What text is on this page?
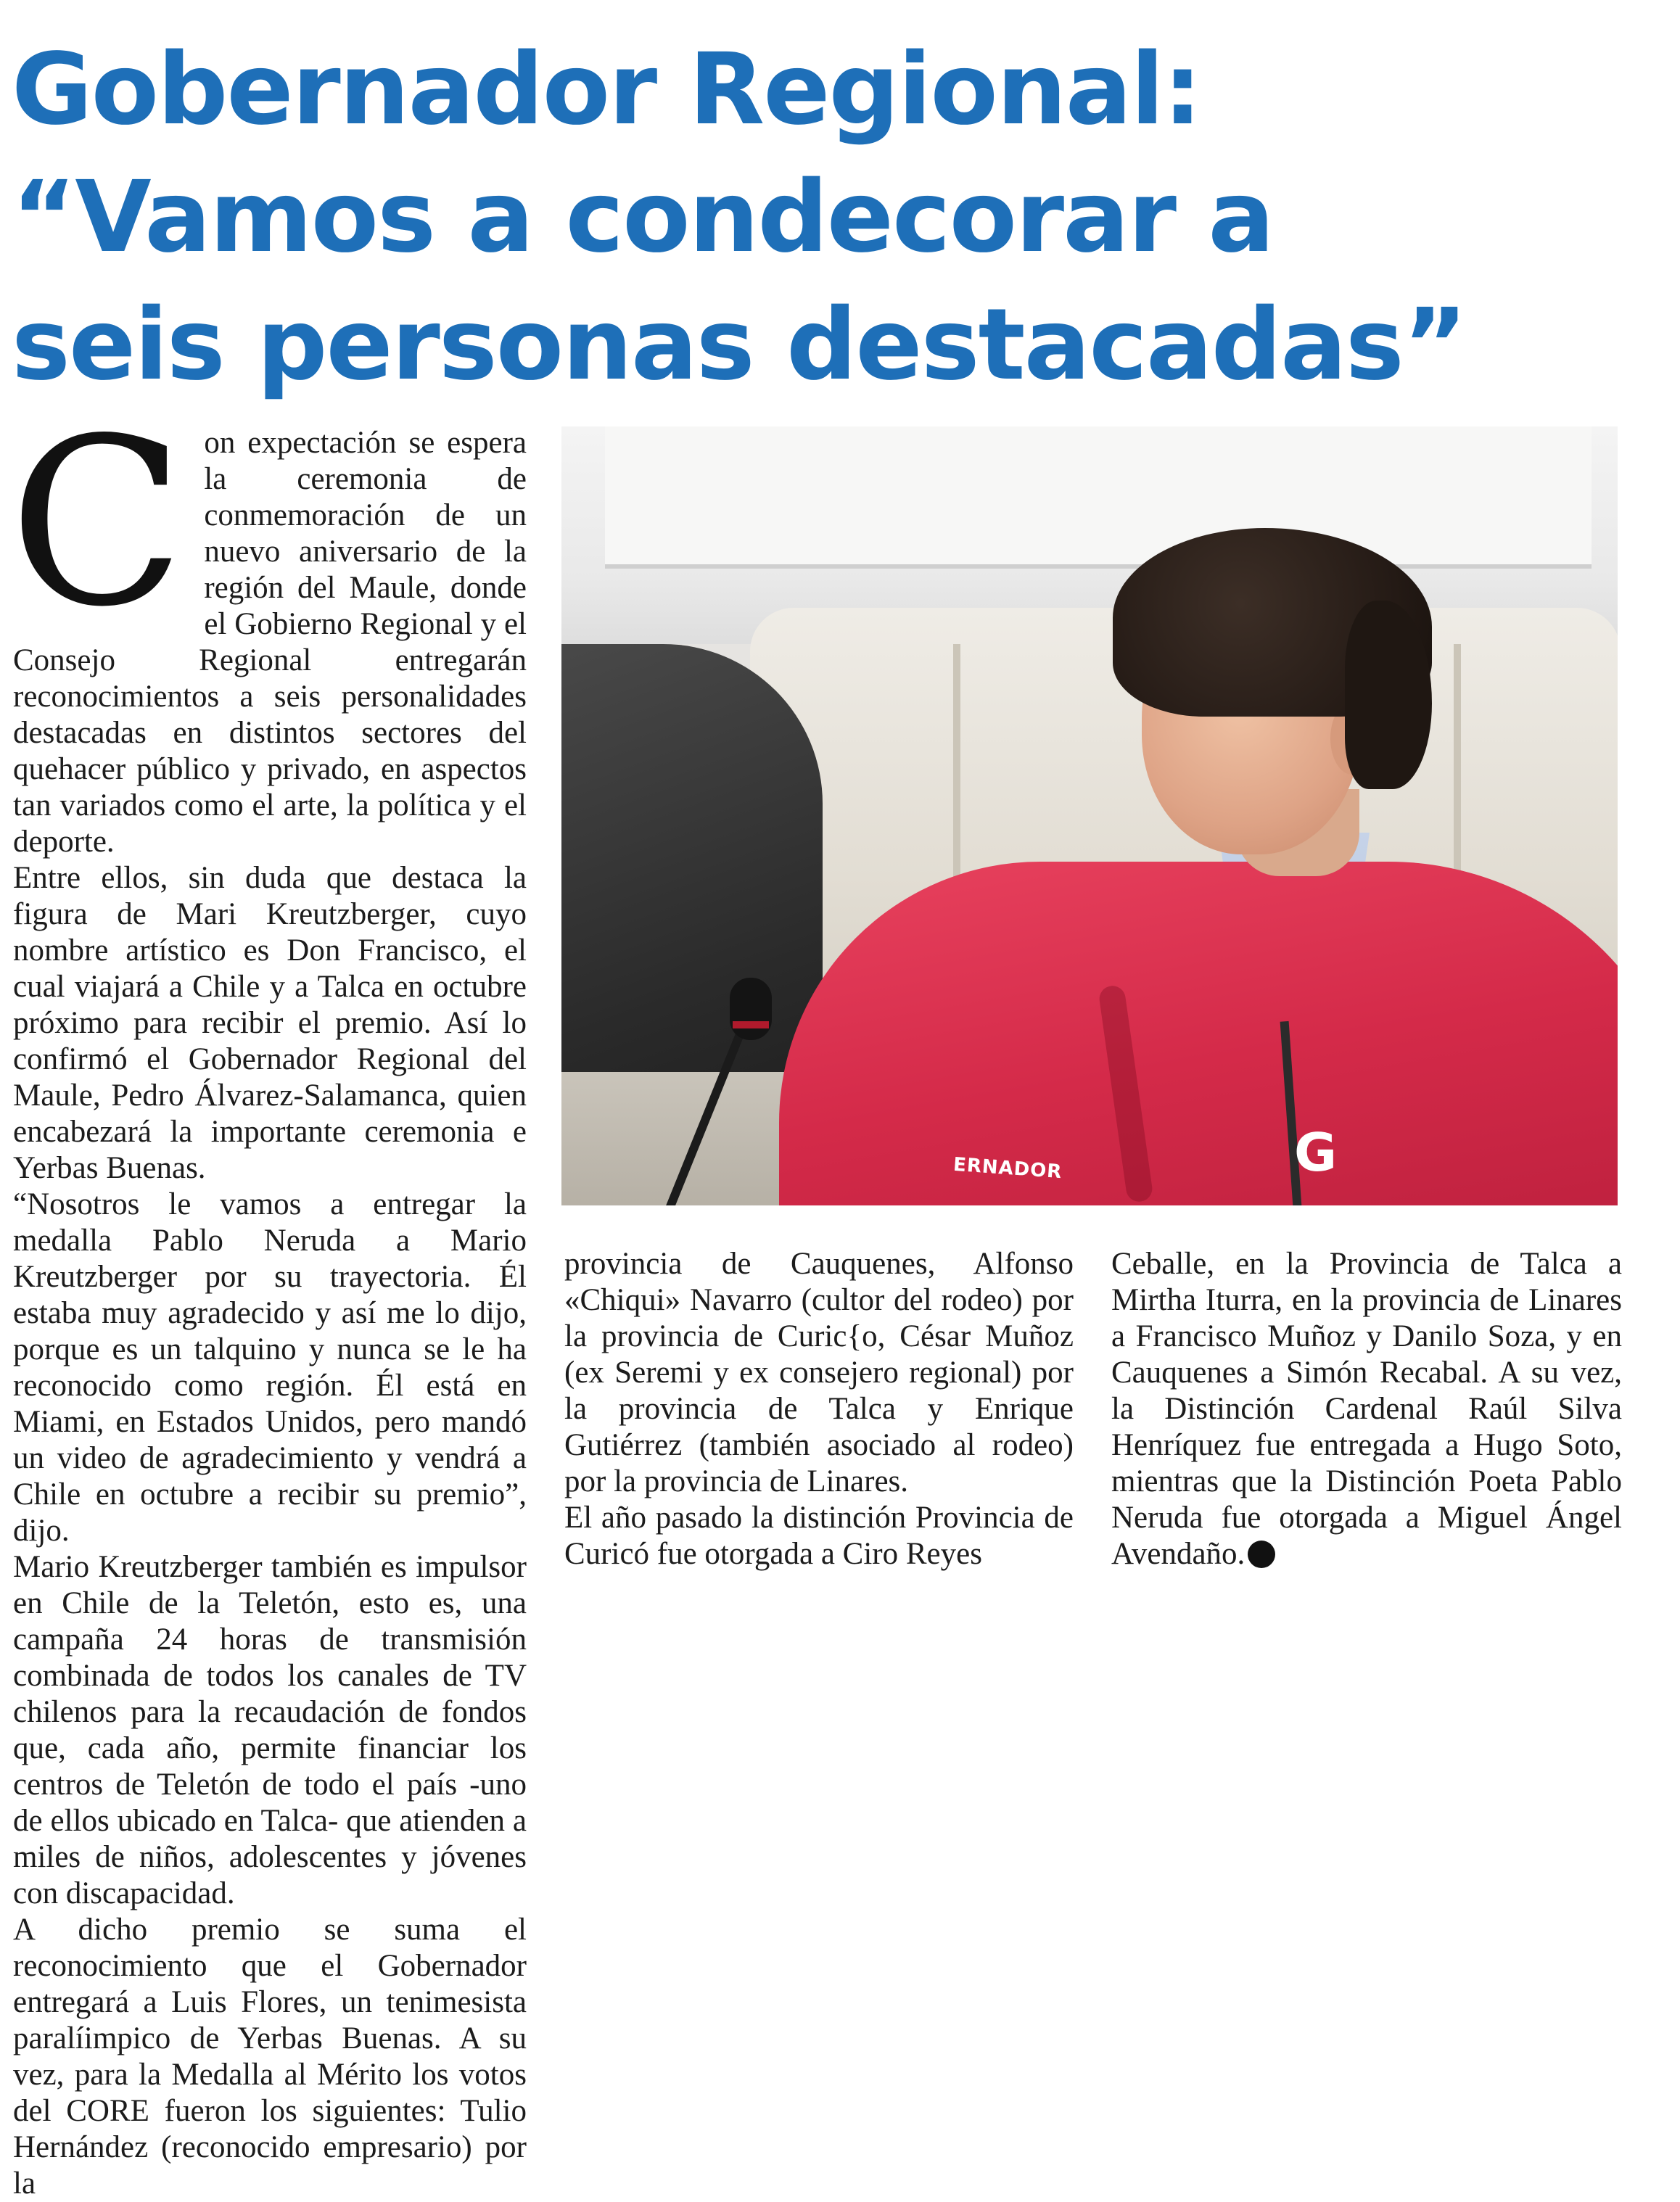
Gobernador Regional:
“Vamos a condecorar a
seis personas destacadas”
ERNADOR	G

Con expectación se espera la ceremonia de conmemoración de un nuevo aniversario de la región del Maule, donde el Gobierno Regional y el Consejo Regional entregarán reconocimientos a seis personalidades destacadas en distintos sectores del quehacer público y privado, en aspectos tan variados como el arte, la política y el deporte.

Entre ellos, sin duda que destaca la figura de Mari Kreutzberger, cuyo nombre artístico es Don Francisco, el cual viajará a Chile y a Talca en octubre próximo para recibir el premio. Así lo confirmó el Gobernador Regional del Maule, Pedro Álvarez-Salamanca, quien encabezará la importante ceremonia e Yerbas Buenas.

“Nosotros le vamos a entregar la medalla Pablo Neruda a Mario Kreutzberger por su trayectoria. Él estaba muy agradecido y así me lo dijo, porque es un talquino y nunca se le ha reconocido como región. Él está en Miami, en Estados Unidos, pero mandó un video de agradecimiento y vendrá a Chile en octubre a recibir su premio”, dijo.

Mario Kreutzberger también es impulsor en Chile de la Teletón, esto es, una campaña 24 horas de transmisión combinada de todos los canales de TV chilenos para la recaudación de fondos que, cada año, permite financiar los centros de Teletón de todo el país -uno de ellos ubicado en Talca- que atienden a miles de niños, adolescentes y jóvenes con discapacidad.

A dicho premio se suma el reconocimiento que el Gobernador entregará a Luis Flores, un tenimesista paralíimpico de Yerbas Buenas. A su vez, para la Medalla al Mérito los votos del CORE fueron los siguientes: Tulio Hernández (reconocido empresario) por la

provincia de Cauquenes, Alfonso «Chiqui» Navarro (cultor del rodeo) por la provincia de Curic{o, César Muñoz (ex Seremi y ex consejero regional) por la provincia de Talca y Enrique Gutiérrez (también asociado al rodeo) por la provincia de Linares.

El año pasado la distinción Provincia de Curicó fue otorgada a Ciro Reyes

Ceballe, en la Provincia de Talca a Mirtha Iturra, en la provincia de Linares a Francisco Muñoz y Danilo Soza, y en Cauquenes a Simón Recabal. A su vez, la Distinción Cardenal Raúl Silva Henríquez fue entregada a Hugo Soto, mientras que la Distinción Poeta Pablo Neruda fue otorgada a Miguel Ángel Avendaño.
